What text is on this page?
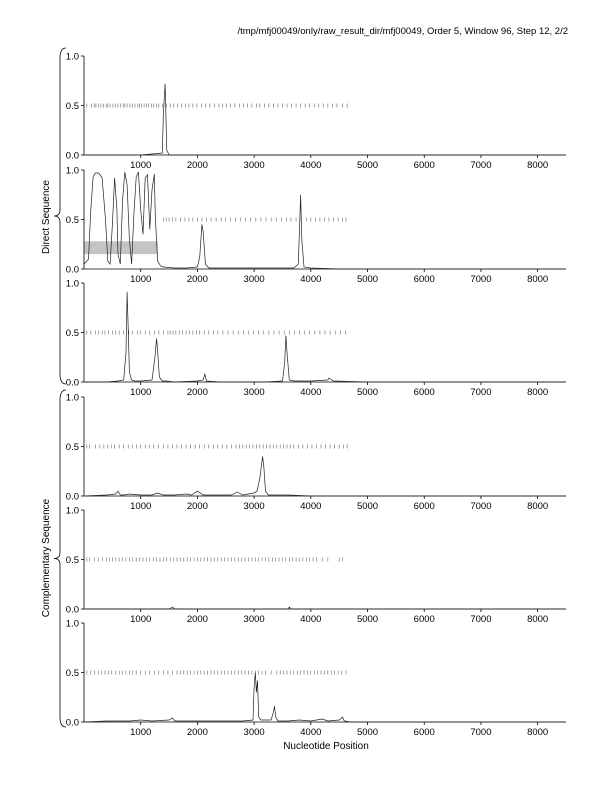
/tmp/mfj00049/only/raw_result_dir/mfj00049, Order 5, Window 96, Step 12, 2/2
0.0
0.5
1.0
1000	2000	3000	4000	5000	6000	7000	8000
0.0
0.5
1.0
1000	2000	3000	4000	5000	6000	7000	8000
0.0
0.5
1.0
1000	2000	3000	4000	5000	6000	7000	8000
0.0
0.5
1.0
1000	2000	3000	4000	5000	6000	7000	8000
0.0
0.5
1.0
1000	2000	3000	4000	5000	6000	7000	8000
0.0
0.5
1.0
1000	2000	3000	4000	5000	6000	7000	8000
Direct Sequence
Complementary Sequence
Nucleotide Position
